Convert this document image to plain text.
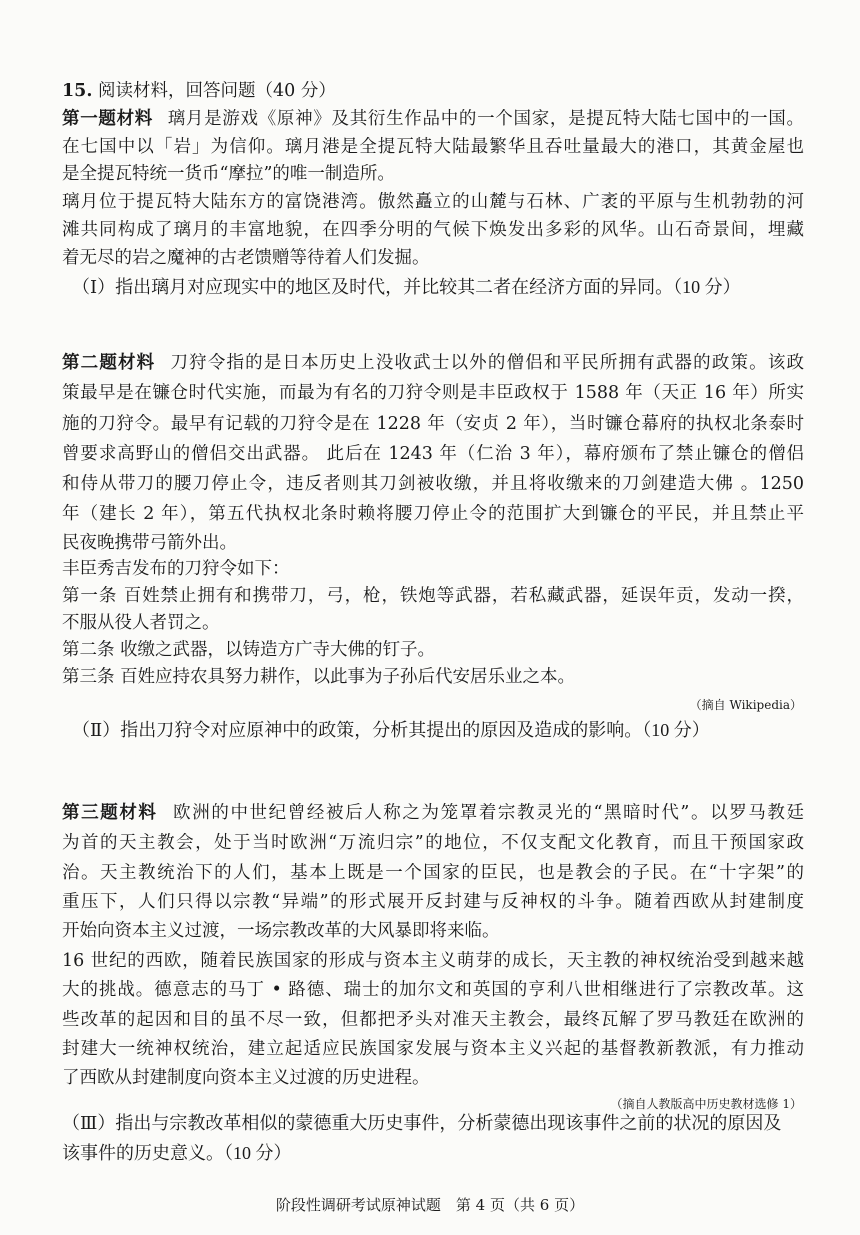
15. 阅读材料，回答问题（40 分）
第一题材料 璃月是游戏《原神》及其衍生作品中的一个国家，是提瓦特大陆七国中的一国。
在七国中以「岩」为信仰。璃月港是全提瓦特大陆最繁华且吞吐量最大的港口，其黄金屋也
是全提瓦特统一货币“摩拉”的唯一制造所。
璃月位于提瓦特大陆东方的富饶港湾。傲然矗立的山麓与石林、广袤的平原与生机勃勃的河
滩共同构成了璃月的丰富地貌，在四季分明的气候下焕发出多彩的风华。山石奇景间，埋藏
着无尽的岩之魔神的古老馈赠等待着人们发掘。
（Ⅰ）指出璃月对应现实中的地区及时代，并比较其二者在经济方面的异同。（10 分）
第二题材料 刀狩令指的是日本历史上没收武士以外的僧侣和平民所拥有武器的政策。该政
策最早是在镰仓时代实施，而最为有名的刀狩令则是丰臣政权于 1588 年（天正 16 年）所实
施的刀狩令。最早有记载的刀狩令是在 1228 年（安贞 2 年），当时镰仓幕府的执权北条泰时
曾要求高野山的僧侣交出武器。 此后在 1243 年（仁治 3 年），幕府颁布了禁止镰仓的僧侣
和侍从带刀的腰刀停止令，违反者则其刀剑被收缴，并且将收缴来的刀剑建造大佛 。1250
年（建长 2 年），第五代执权北条时赖将腰刀停止令的范围扩大到镰仓的平民，并且禁止平
民夜晚携带弓箭外出。
丰臣秀吉发布的刀狩令如下：
第一条 百姓禁止拥有和携带刀，弓，枪，铁炮等武器，若私藏武器，延误年贡，发动一揆，
不服从役人者罚之。
第二条 收缴之武器，以铸造方广寺大佛的钉子。
第三条 百姓应持农具努力耕作，以此事为子孙后代安居乐业之本。
（摘自 Wikipedia）
（Ⅱ）指出刀狩令对应原神中的政策，分析其提出的原因及造成的影响。（10 分）
第三题材料 欧洲的中世纪曾经被后人称之为笼罩着宗教灵光的“黑暗时代”。以罗马教廷
为首的天主教会，处于当时欧洲“万流归宗”的地位，不仅支配文化教育，而且干预国家政
治。天主教统治下的人们，基本上既是一个国家的臣民，也是教会的子民。在“十字架”的
重压下，人们只得以宗教“异端”的形式展开反封建与反神权的斗争。随着西欧从封建制度
开始向资本主义过渡，一场宗教改革的大风暴即将来临。
16 世纪的西欧，随着民族国家的形成与资本主义萌芽的成长，天主教的神权统治受到越来越
大的挑战。德意志的马丁 • 路德、瑞士的加尔文和英国的亨利八世相继进行了宗教改革。这
些改革的起因和目的虽不尽一致，但都把矛头对准天主教会，最终瓦解了罗马教廷在欧洲的
封建大一统神权统治，建立起适应民族国家发展与资本主义兴起的基督教新教派，有力推动
了西欧从封建制度向资本主义过渡的历史进程。
（摘自人教版高中历史教材选修 1）
（Ⅲ）指出与宗教改革相似的蒙德重大历史事件，分析蒙德出现该事件之前的状况的原因及
该事件的历史意义。（10 分）
阶段性调研考试原神试题　第 4 页（共 6 页）
